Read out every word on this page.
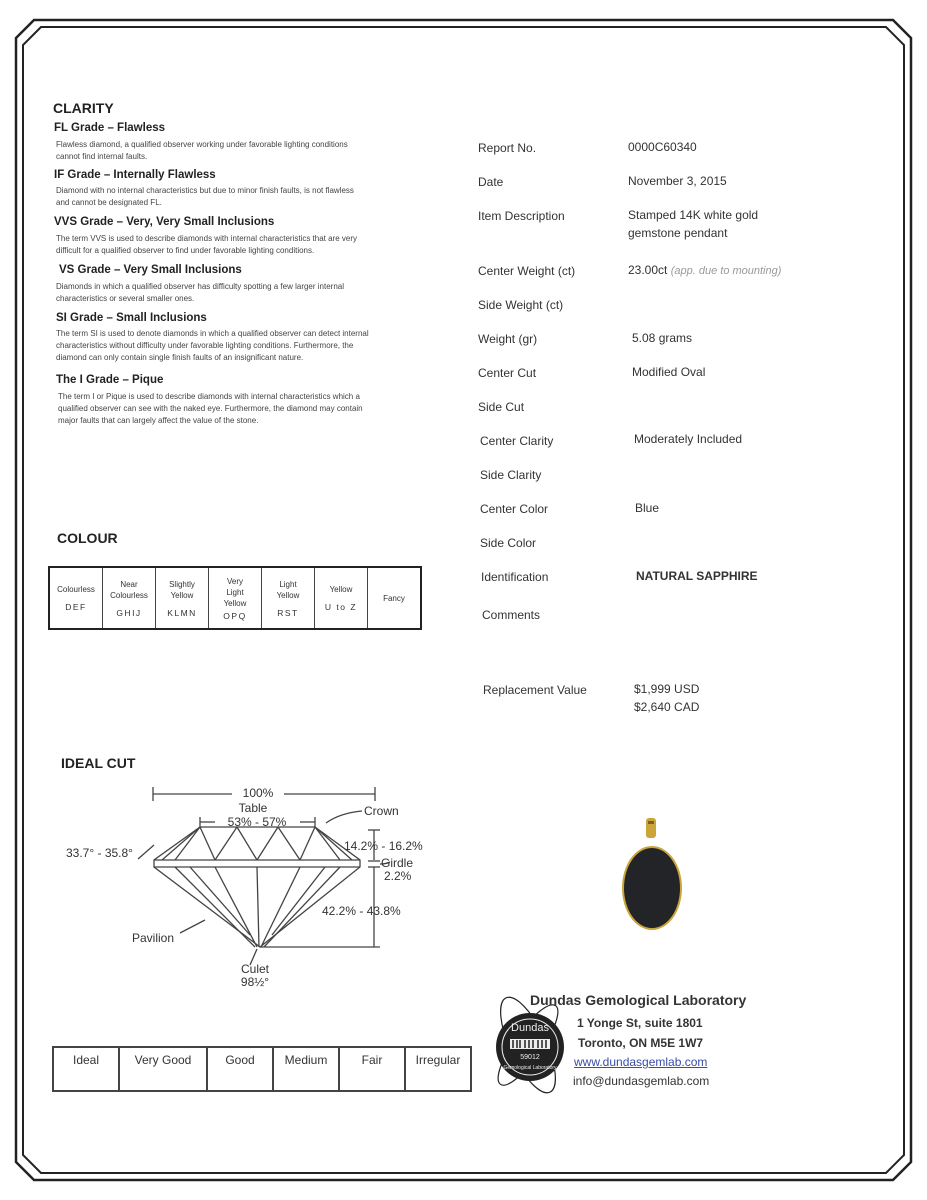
CLARITY
FL Grade – Flawless
Flawless diamond, a qualified observer working under favorable lighting conditions
cannot find internal faults.
IF Grade – Internally Flawless
Diamond with no internal characteristics but due to minor finish faults, is not flawless
and cannot be designated FL.
VVS Grade – Very, Very Small Inclusions
The term VVS is used to describe diamonds with internal characteristics that are very
difficult for a qualified observer to find under favorable lighting conditions.
VS Grade – Very Small Inclusions
Diamonds in which a qualified observer has difficulty spotting a few larger internal
characteristics or several smaller ones.
SI Grade – Small Inclusions
The term SI is used to denote diamonds in which a qualified observer can detect internal
characteristics without difficulty under favorable lighting conditions. Furthermore, the
diamond can only contain single finish faults of an insignificant nature.
The I Grade – Pique
The term I or Pique is used to describe diamonds with internal characteristics which a
qualified observer can see with the naked eye. Furthermore, the diamond may contain
major faults that can largely affect the value of the stone.
COLOUR
Colourless
DEF

Near
Colourless
GHIJ

Slightly
Yellow
KLMN

Very
Light
Yellow
OPQ

Light
Yellow
RST

Yellow
U to Z

Fancy
IDEAL CUT
100%
Table
53% - 57%
Crown
33.7° - 35.8°	14.2% - 16.2%
Girdle
2.2%
42.2% - 43.8%
Pavilion
Culet
98½°
Ideal	Very Good	Good	Medium	Fair	Irregular
Report No.	0000C60340
Date	November 3, 2015
Item Description	Stamped 14K white gold
gemstone pendant
Center Weight (ct)	23.00ct (app. due to mounting)
Side Weight (ct)
Weight (gr)	5.08 grams
Center Cut	Modified Oval
Side Cut
Center Clarity	Moderately Included
Side Clarity
Center Color	Blue
Side Color
Identification	NATURAL SAPPHIRE
Comments
Replacement Value	$1,999 USD
$2,640 CAD
Dundas
59012
Gemological Laboratory
Dundas Gemological Laboratory
1 Yonge St, suite 1801
Toronto, ON M5E 1W7
www.dundasgemlab.com
info@dundasgemlab.com
